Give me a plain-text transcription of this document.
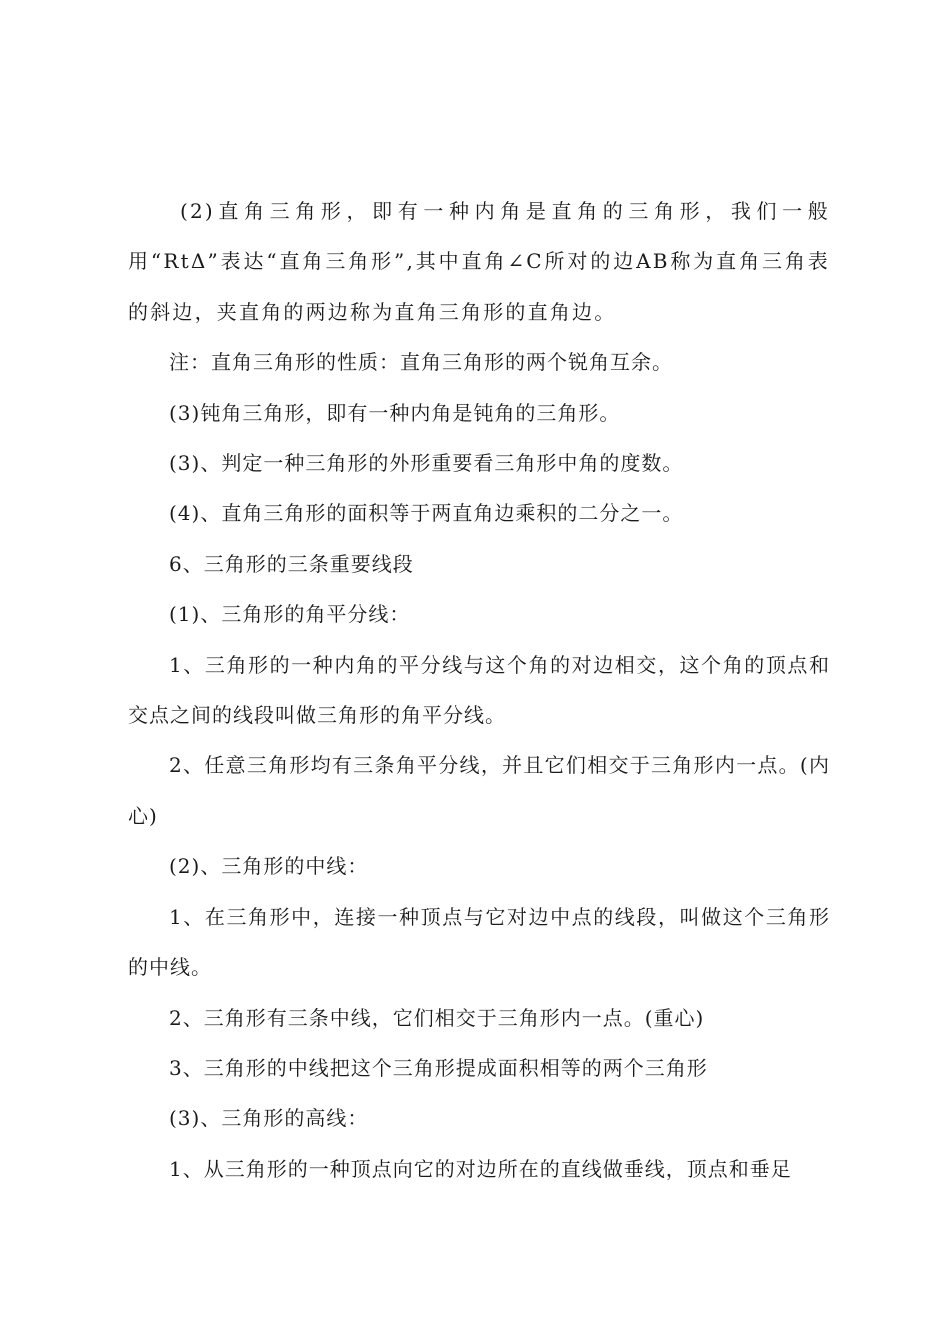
(2)直角三角形，即有一种内角是直角的三角形，我们一般用“RtΔ”表达“直角三角形”,其中直角∠C所对的边AB称为直角三角表的斜边，夹直角的两边称为直角三角形的直角边。

注：直角三角形的性质：直角三角形的两个锐角互余。

(3)钝角三角形，即有一种内角是钝角的三角形。

(3)、判定一种三角形的外形重要看三角形中角的度数。

(4)、直角三角形的面积等于两直角边乘积的二分之一。

6、三角形的三条重要线段

(1)、三角形的角平分线：

1、三角形的一种内角的平分线与这个角的对边相交，这个角的顶点和交点之间的线段叫做三角形的角平分线。

2、任意三角形均有三条角平分线，并且它们相交于三角形内一点。(内心)

(2)、三角形的中线：

1、在三角形中，连接一种顶点与它对边中点的线段，叫做这个三角形的中线。

2、三角形有三条中线，它们相交于三角形内一点。(重心)

3、三角形的中线把这个三角形提成面积相等的两个三角形

(3)、三角形的高线：

1、从三角形的一种顶点向它的对边所在的直线做垂线，顶点和垂足
